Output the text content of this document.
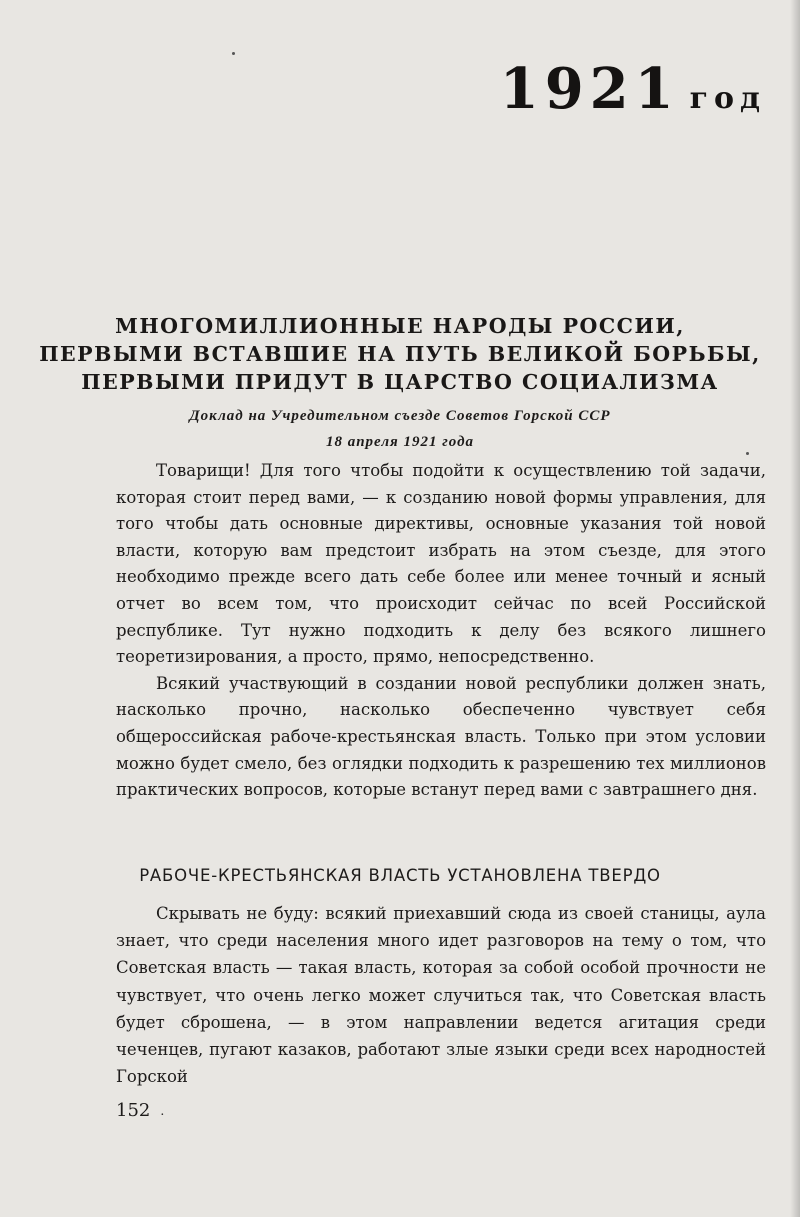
1921 год
МНОГОМИЛЛИОННЫЕ НАРОДЫ РОССИИ,
ПЕРВЫМИ ВСТАВШИЕ НА ПУТЬ ВЕЛИКОЙ БОРЬБЫ,
ПЕРВЫМИ ПРИДУТ В ЦАРСТВО СОЦИАЛИЗМА
Доклад на Учредительном съезде Советов Горской ССР
18 апреля 1921 года

Товарищи! Для того чтобы подойти к осуществлению той задачи, которая стоит перед вами, — к созданию новой формы управления, для того чтобы дать основные директивы, основные указания той новой власти, которую вам предстоит избрать на этом съезде, для этого необходимо прежде всего дать себе более или менее точный и ясный отчет во всем том, что происходит сейчас по всей Российской республике. Тут нужно подходить к делу без всякого лишнего теоретизирования, а просто, прямо, непосредственно.

Всякий участвующий в создании новой республики должен знать, насколько прочно, насколько обеспеченно чувствует себя общероссийская рабоче-крестьянская власть. Только при этом условии можно будет смело, без оглядки подходить к разрешению тех миллионов практических вопросов, которые встанут перед вами с завтрашнего дня.

РАБОЧЕ-КРЕСТЬЯНСКАЯ ВЛАСТЬ УСТАНОВЛЕНА ТВЕРДО

Скрывать не буду: всякий приехавший сюда из своей станицы, аула знает, что среди населения много идет разговоров на тему о том, что Советская власть — такая власть, которая за собой особой прочности не чувствует, что очень легко может случиться так, что Советская власть будет сброшена, — в этом направлении ведется агитация среди чеченцев, пугают казаков, работают злые языки среди всех народностей Горской

152 ·
